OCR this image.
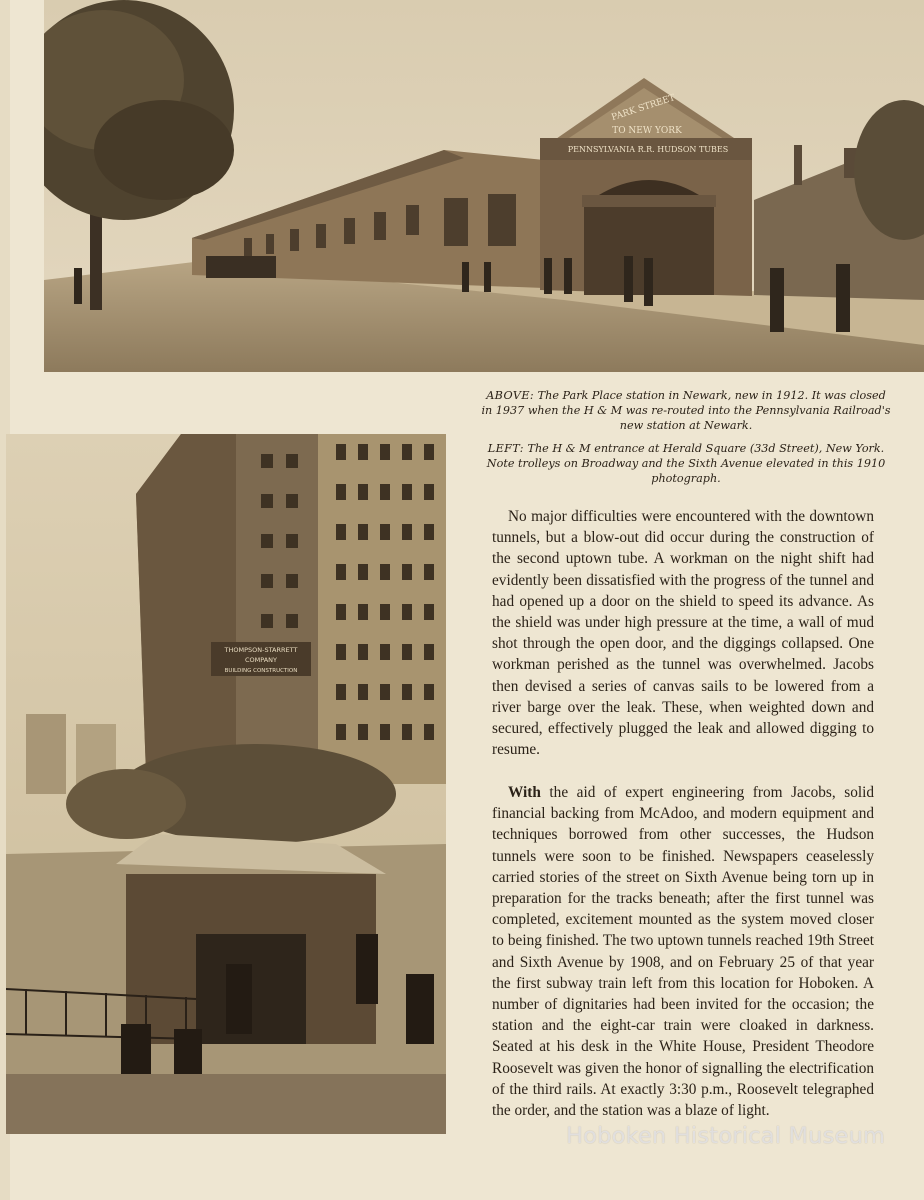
PARK STREET
TO NEW YORK
PENNSYLVANIA R.R. HUDSON TUBES
ABOVE: The Park Place station in Newark, new in 1912. It was closed in 1937 when the H & M was re-routed into the Pennsylvania Railroad's new station at Newark.
LEFT: The H & M entrance at Herald Square (33d Street), New York. Note trolleys on Broadway and the Sixth Avenue elevated in this 1910 photograph.
THOMPSON-STARRETT
COMPANY
BUILDING CONSTRUCTION
No major difficulties were encountered with the downtown tunnels, but a blow-out did occur during the construction of the second uptown tube. A workman on the night shift had evidently been dissatisfied with the progress of the tunnel and had opened up a door on the shield to speed its advance. As the shield was under high pressure at the time, a wall of mud shot through the open door, and the diggings collapsed. One workman perished as the tunnel was overwhelmed. Jacobs then devised a series of canvas sails to be lowered from a river barge over the leak. These, when weighted down and secured, effectively plugged the leak and allowed digging to resume.
With the aid of expert engineering from Jacobs, solid financial backing from McAdoo, and modern equipment and techniques borrowed from other successes, the Hudson tunnels were soon to be finished. Newspapers ceaselessly carried stories of the street on Sixth Avenue being torn up in preparation for the tracks beneath; after the first tunnel was completed, excitement mounted as the system moved closer to being finished. The two uptown tunnels reached 19th Street and Sixth Avenue by 1908, and on February 25 of that year the first subway train left from this location for Hoboken. A number of dignitaries had been invited for the occasion; the station and the eight-car train were cloaked in darkness. Seated at his desk in the White House, President Theodore Roosevelt was given the honor of signalling the electrification of the third rails. At exactly 3:30 p.m., Roosevelt telegraphed the order, and the station was a blaze of light.
Hoboken Historical Museum
